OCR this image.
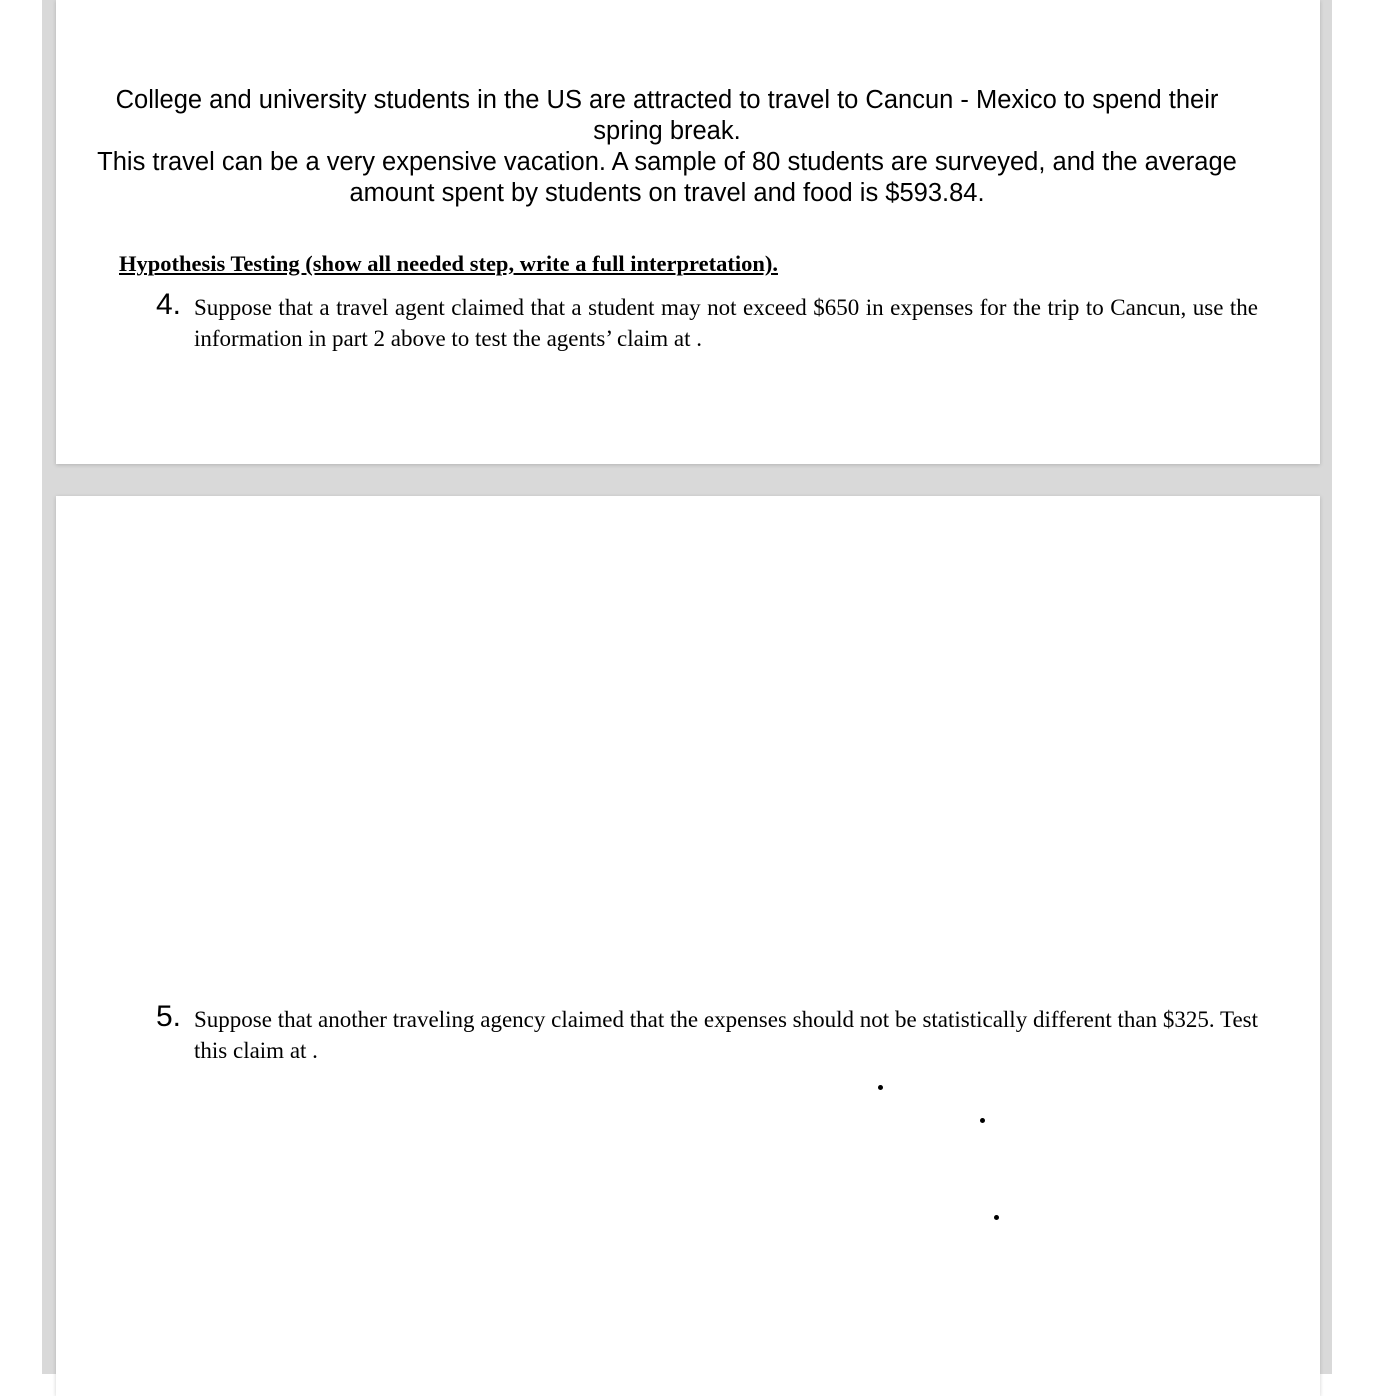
College and university students in the US are attracted to travel to Cancun - Mexico to spend their spring break.

This travel can be a very expensive vacation. A sample of 80 students are surveyed, and the average amount spent by students on travel and food is $593.84.

Hypothesis Testing (show all needed step, write a full interpretation).
4. Suppose that a travel agent claimed that a student may not exceed $650 in expenses for the trip to Cancun, use the information in part 2 above to test the agents’ claim at .

5. Suppose that another traveling agency claimed that the expenses should not be statistically different than $325. Test this claim at .
